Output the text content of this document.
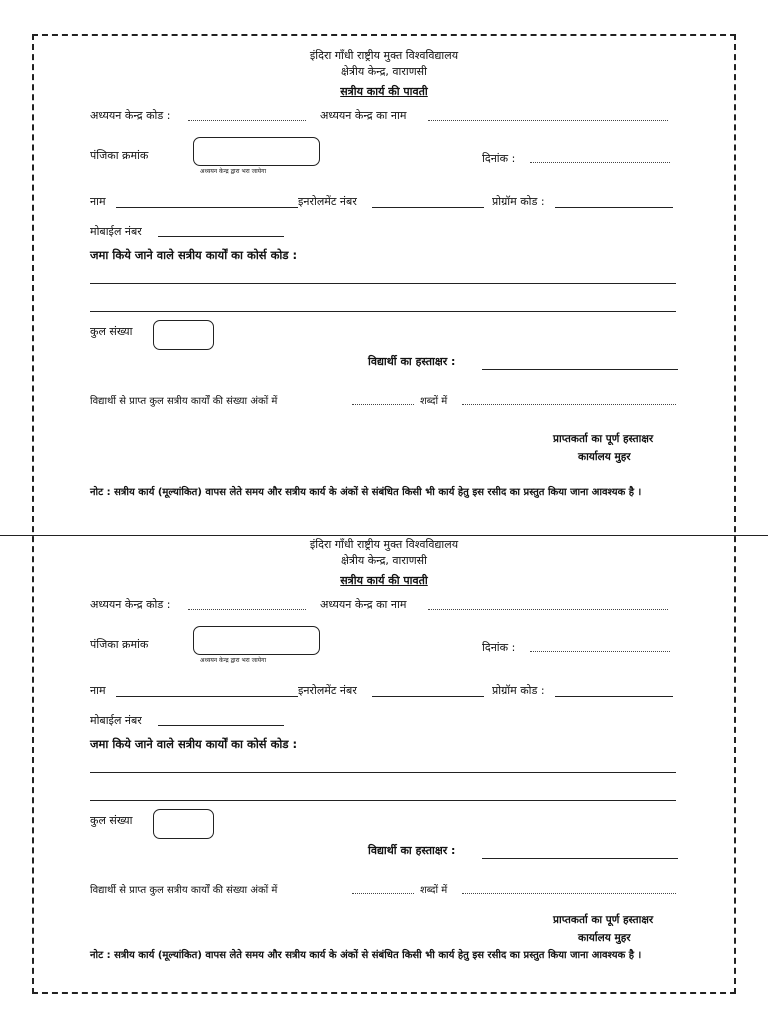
इंदिरा गाँधी राष्ट्रीय मुक्त विश्वविद्यालय
क्षेत्रीय केन्द्र, वाराणसी
सत्रीय कार्य की पावती
अध्ययन केन्द्र कोड :	अध्ययन केन्द्र का नाम
पंजिका क्रमांक
अध्ययन केन्द्र द्वारा भरा जायेगा
दिनांक :
नाम	इनरोलमेंट नंबर	प्रोग्रॉम कोड :
मोबाईल नंबर
जमा किये जाने वाले सत्रीय कार्यों का कोर्स कोड :
कुल संख्या
विद्यार्थी का हस्ताक्षर :
विद्यार्थी से प्राप्त कुल सत्रीय कार्यों की संख्या अंकों में	शब्दों में
प्राप्तकर्ता का पूर्ण हस्ताक्षर
कार्यालय मुहर
नोट : सत्रीय कार्य (मूल्यांकित) वापस लेते समय और सत्रीय कार्य के अंकों से संबंधित किसी भी कार्य हेतु इस रसीद का प्रस्तुत किया जाना आवश्यक है ।
इंदिरा गाँधी राष्ट्रीय मुक्त विश्वविद्यालय
क्षेत्रीय केन्द्र, वाराणसी
सत्रीय कार्य की पावती
अध्ययन केन्द्र कोड :	अध्ययन केन्द्र का नाम
पंजिका क्रमांक
अध्ययन केन्द्र द्वारा भरा जायेगा
दिनांक :
नाम	इनरोलमेंट नंबर	प्रोग्रॉम कोड :
मोबाईल नंबर
जमा किये जाने वाले सत्रीय कार्यों का कोर्स कोड :
कुल संख्या
विद्यार्थी का हस्ताक्षर :
विद्यार्थी से प्राप्त कुल सत्रीय कार्यों की संख्या अंकों में	शब्दों में
प्राप्तकर्ता का पूर्ण हस्ताक्षर
कार्यालय मुहर
नोट : सत्रीय कार्य (मूल्यांकित) वापस लेते समय और सत्रीय कार्य के अंकों से संबंधित किसी भी कार्य हेतु इस रसीद का प्रस्तुत किया जाना आवश्यक है ।
